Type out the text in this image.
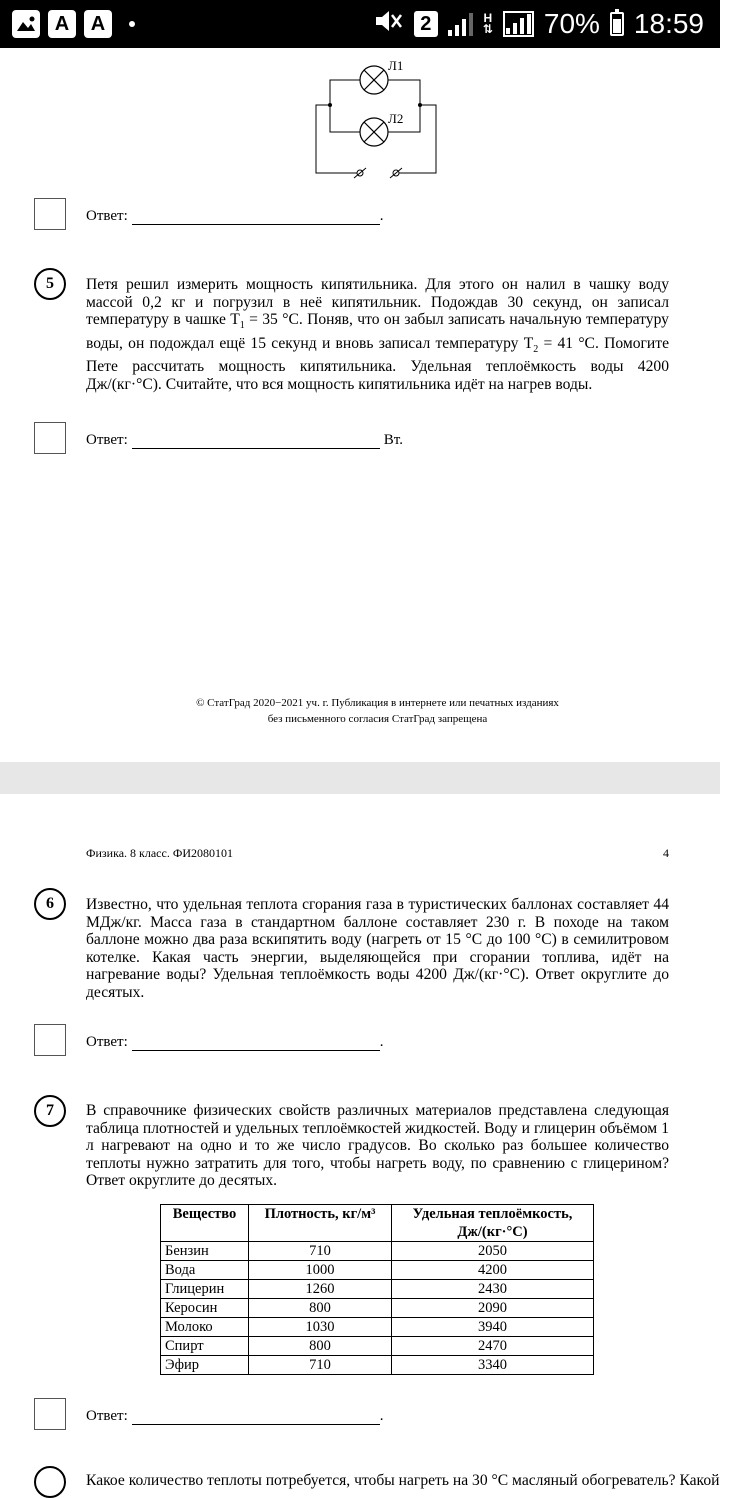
A	A	2	H
⇅ 70% 18:59
Л1
Л2
Ответ:	.
5	Петя решил измерить мощность кипятильника. Для этого он налил в чашку воду массой 0,2 кг и погрузил в неё кипятильник. Подождав 30 секунд, он записал температуру в чашке $T_1 = 35$ °С. Поняв, что он забыл записать начальную температуру воды, он подождал ещё 15 секунд и вновь записал температуру $T_2 = 41$ °С. Помогите Пете рассчитать мощность кипятильника. Удельная теплоёмкость воды 4200 Дж/(кг·°С). Считайте, что вся мощность кипятильника идёт на нагрев воды.
Ответ:	Вт.
© СтатГрад 2020−2021 уч. г. Публикация в интернете или печатных изданиях
без письменного согласия СтатГрад запрещена
Физика. 8 класс. ФИ2080101	4
6	Известно, что удельная теплота сгорания газа в туристических баллонах составляет 44 МДж/кг. Масса газа в стандартном баллоне составляет 230 г. В походе на таком баллоне можно два раза вскипятить воду (нагреть от 15 °С до 100 °С) в семилитровом котелке. Какая часть энергии, выделяющейся при сгорании топлива, идёт на нагревание воды? Удельная теплоёмкость воды 4200 Дж/(кг·°С). Ответ округлите до десятых.
Ответ:	.
7	В справочнике физических свойств различных материалов представлена следующая таблица плотностей и удельных теплоёмкостей жидкостей. Воду и глицерин объёмом 1 л нагревают на одно и то же число градусов. Во сколько раз большее количество теплоты нужно затратить для того, чтобы нагреть воду, по сравнению с глицерином? Ответ округлите до десятых.
Вещество	Плотность, кг/м³	Удельная теплоёмкость, Дж/(кг·°С)
Бензин	710	2050
Вода	1000	4200
Глицерин	1260	2430
Керосин	800	2090
Молоко	1030	3940
Спирт	800	2470
Эфир	710	3340
Ответ:	.
Какое количество теплоты потребуется, чтобы нагреть на 30 °С масляный обогреватель? Какой
